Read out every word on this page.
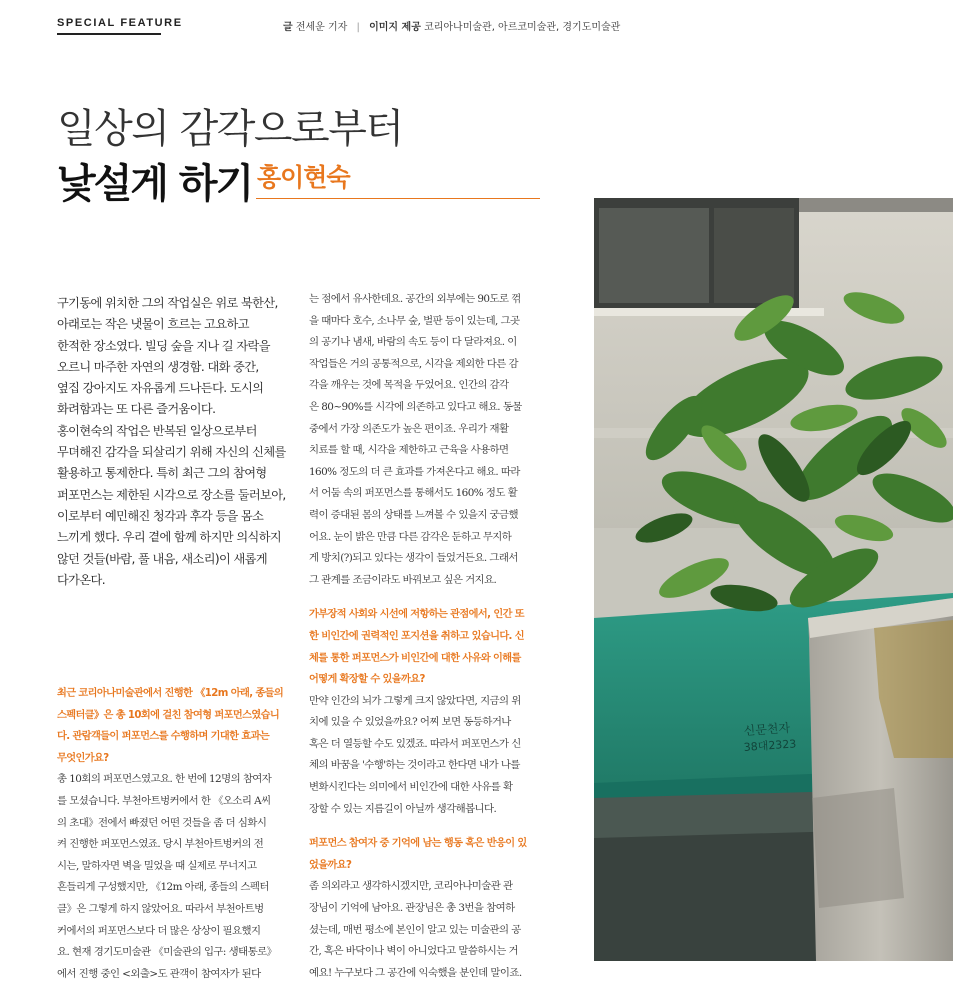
SPECIAL FEATURE	글 전세운 기자 | 이미지 제공 코리아나미술관, 아르코미술관, 경기도미술관
일상의 감각으로부터
낯설게 하기 홍이현숙
구기동에 위치한 그의 작업실은 위로 북한산,
아래로는 작은 냇물이 흐르는 고요하고
한적한 장소였다. 빌딩 숲을 지나 길 자락을
오르니 마주한 자연의 생경함. 대화 중간,
옆집 강아지도 자유롭게 드나든다. 도시의
화려함과는 또 다른 즐거움이다.
홍이현숙의 작업은 반복된 일상으로부터
무뎌해진 감각을 되살리기 위해 자신의 신체를
활용하고 통제한다. 특히 최근 그의 참여형
퍼포먼스는 제한된 시각으로 장소를 둘러보아,
이로부터 예민해진 청각과 후각 등을 몸소
느끼게 했다. 우리 곁에 함께 하지만 의식하지
않던 것들(바람, 풀 내음, 새소리)이 새롭게
다가온다.
최근 코리아나미술관에서 진행한 《12m 아래, 종들의
스펙터클》은 총 10회에 걸친 참여형 퍼포먼스였습니
다. 관람객들이 퍼포먼스를 수행하며 기대한 효과는
무엇인가요?
총 10회의 퍼포먼스였고요. 한 번에 12명의 참여자
를 모셨습니다. 부천아트벙커에서 한 《오소리 A씨
의 초대》전에서 빠졌던 어떤 것들을 좀 더 심화시
켜 진행한 퍼포먼스였죠. 당시 부천아트벙커의 전
시는, 말하자면 벽을 밀었을 때 실제로 무너지고
흔들리게 구성했지만, 《12m 아래, 종들의 스펙터
클》은 그렇게 하지 않았어요. 따라서 부천아트벙
커에서의 퍼포먼스보다 더 많은 상상이 필요했지
요. 현재 경기도미술관 《미술관의 입구: 생태통로》
에서 진행 중인 <외출>도 관객이 참여자가 된다
는 점에서 유사한데요. 공간의 외부에는 90도로 꺾
을 때마다 호수, 소나무 숲, 벌판 등이 있는데, 그곳
의 공기나 냄새, 바람의 속도 등이 다 달라져요. 이
작업들은 거의 공통적으로, 시각을 제외한 다른 감
각을 깨우는 것에 목적을 두었어요. 인간의 감각
은 80~90%를 시각에 의존하고 있다고 해요. 동물
중에서 가장 의존도가 높은 편이죠. 우리가 재활
치료를 할 때, 시각을 제한하고 근육을 사용하면
160% 정도의 더 큰 효과를 가져온다고 해요. 따라
서 어둠 속의 퍼포먼스를 통해서도 160% 정도 활
력이 증대된 몸의 상태를 느껴볼 수 있을지 궁금했
어요. 눈이 밝은 만큼 다른 감각은 둔하고 무지하
게 방치(?)되고 있다는 생각이 들었거든요. 그래서
그 관계를 조금이라도 바꿔보고 싶은 거지요.
가부장적 사회와 시선에 저항하는 관점에서, 인간 또
한 비인간에 권력적인 포지션을 취하고 있습니다. 신
체를 통한 퍼포먼스가 비인간에 대한 사유와 이해를
어떻게 확장할 수 있을까요?
만약 인간의 뇌가 그렇게 크지 않았다면, 지금의 위
치에 있을 수 있었을까요? 어찌 보면 동등하거나
혹은 더 열등할 수도 있겠죠. 따라서 퍼포먼스가 신
체의 바꿈을 '수행'하는 것이라고 한다면 내가 나를
변화시킨다는 의미에서 비인간에 대한 사유를 확
장할 수 있는 지름길이 아닐까 생각해봅니다.
퍼포먼스 참여자 중 기억에 남는 행동 혹은 반응이 있
었을까요?
좀 의외라고 생각하시겠지만, 코리아나미술관 관
장님이 기억에 남아요. 관장님은 총 3번을 참여하
셨는데, 매번 평소에 본인이 알고 있는 미술관의 공
간, 혹은 바닥이나 벽이 아니었다고 말씀하시는 거
예요! 누구보다 그 공간에 익숙했을 분인데 말이죠.
신문천자
38대2323
